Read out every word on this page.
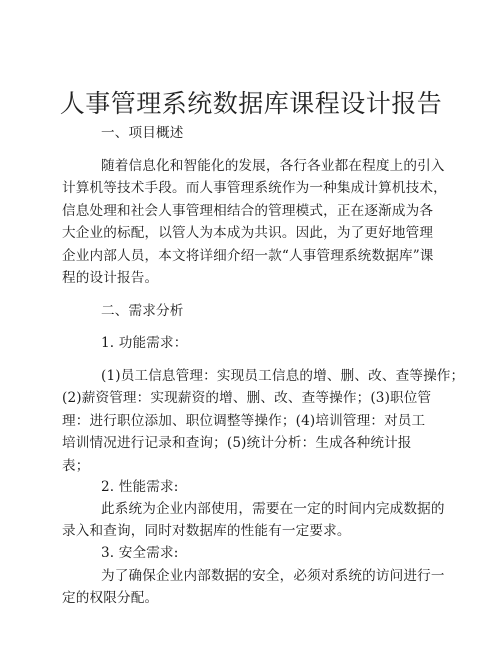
人事管理系统数据库课程设计报告
一、项目概述
随着信息化和智能化的发展，各行各业都在程度上的引入
计算机等技术手段。而人事管理系统作为一种集成计算机技术，
信息处理和社会人事管理相结合的管理模式，正在逐渐成为各
大企业的标配，以管人为本成为共识。因此，为了更好地管理
企业内部人员，本文将详细介绍一款“人事管理系统数据库”课
程的设计报告。
二、需求分析
1. 功能需求：
(1)员工信息管理：实现员工信息的增、删、改、查等操作；
(2)薪资管理：实现薪资的增、删、改、查等操作；(3)职位管
理：进行职位添加、职位调整等操作；(4)培训管理：对员工
培训情况进行记录和查询；(5)统计分析：生成各种统计报
表；
2. 性能需求:
此系统为企业内部使用，需要在一定的时间内完成数据的
录入和查询，同时对数据库的性能有一定要求。
3. 安全需求:
为了确保企业内部数据的安全，必须对系统的访问进行一
定的权限分配。
